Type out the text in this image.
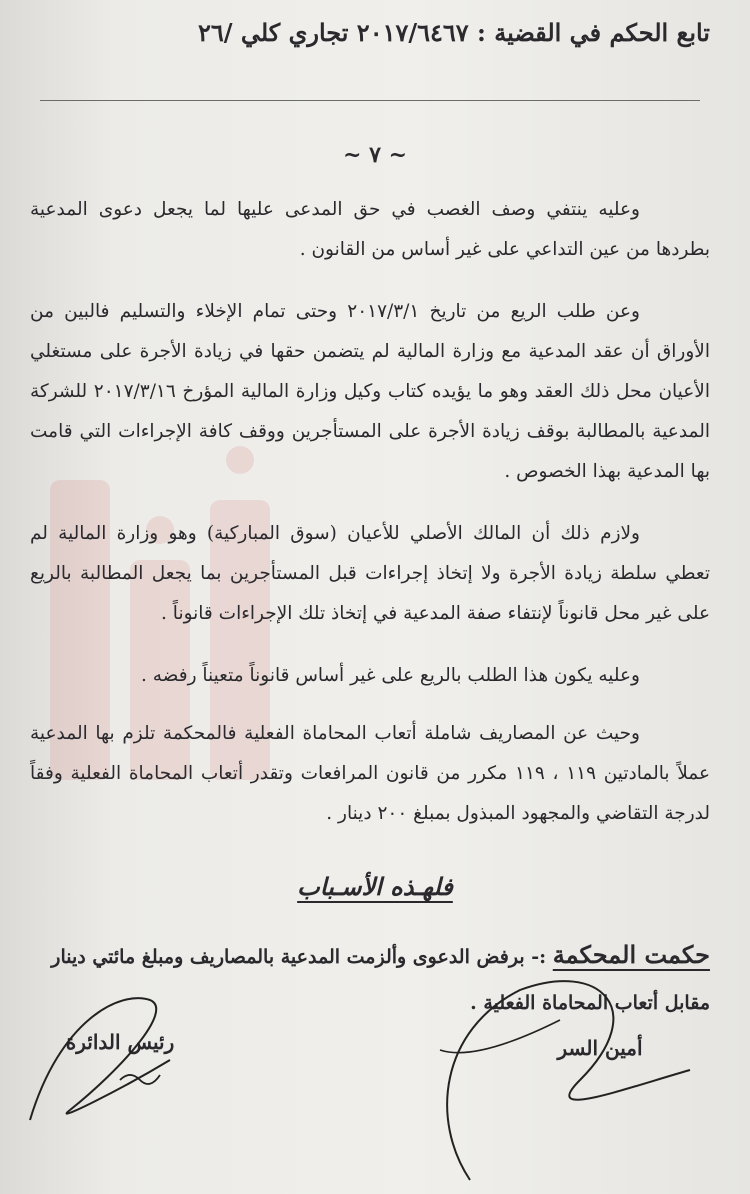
تابع الحكم في القضية : ٢٠١٧/٦٤٦٧ تجاري كلي /٢٦
~ ٧ ~

وعليه ينتفي وصف الغصب في حق المدعى عليها لما يجعل دعوى المدعية بطردها من عين التداعي على غير أساس من القانون .

وعن طلب الريع من تاريخ ٢٠١٧/٣/١ وحتى تمام الإخلاء والتسليم فالبين من الأوراق أن عقد المدعية مع وزارة المالية لم يتضمن حقها في زيادة الأجرة على مستغلي الأعيان محل ذلك العقد وهو ما يؤيده كتاب وكيل وزارة المالية المؤرخ ٢٠١٧/٣/١٦ للشركة المدعية بالمطالبة بوقف زيادة الأجرة على المستأجرين ووقف كافة الإجراءات التي قامت بها المدعية بهذا الخصوص .

ولازم ذلك أن المالك الأصلي للأعيان (سوق المباركية) وهو وزارة المالية لم تعطي سلطة زيادة الأجرة ولا إتخاذ إجراءات قبل المستأجرين بما يجعل المطالبة بالريع على غير محل قانوناً لإنتفاء صفة المدعية في إتخاذ تلك الإجراءات قانوناً .

وعليه يكون هذا الطلب بالريع على غير أساس قانوناً متعيناً رفضه .

وحيث عن المصاريف شاملة أتعاب المحاماة الفعلية فالمحكمة تلزم بها المدعية عملاً بالمادتين ١١٩ ، ١١٩ مكرر من قانون المرافعات وتقدر أتعاب المحاماة الفعلية وفقاً لدرجة التقاضي والمجهود المبذول بمبلغ ٢٠٠ دينار .

فلهـذه الأسـباب
حكمت المحكمة :- برفض الدعوى وألزمت المدعية بالمصاريف ومبلغ مائتي دينار مقابل أتعاب المحاماة الفعلية .
رئيس الدائرة	أمين السر
